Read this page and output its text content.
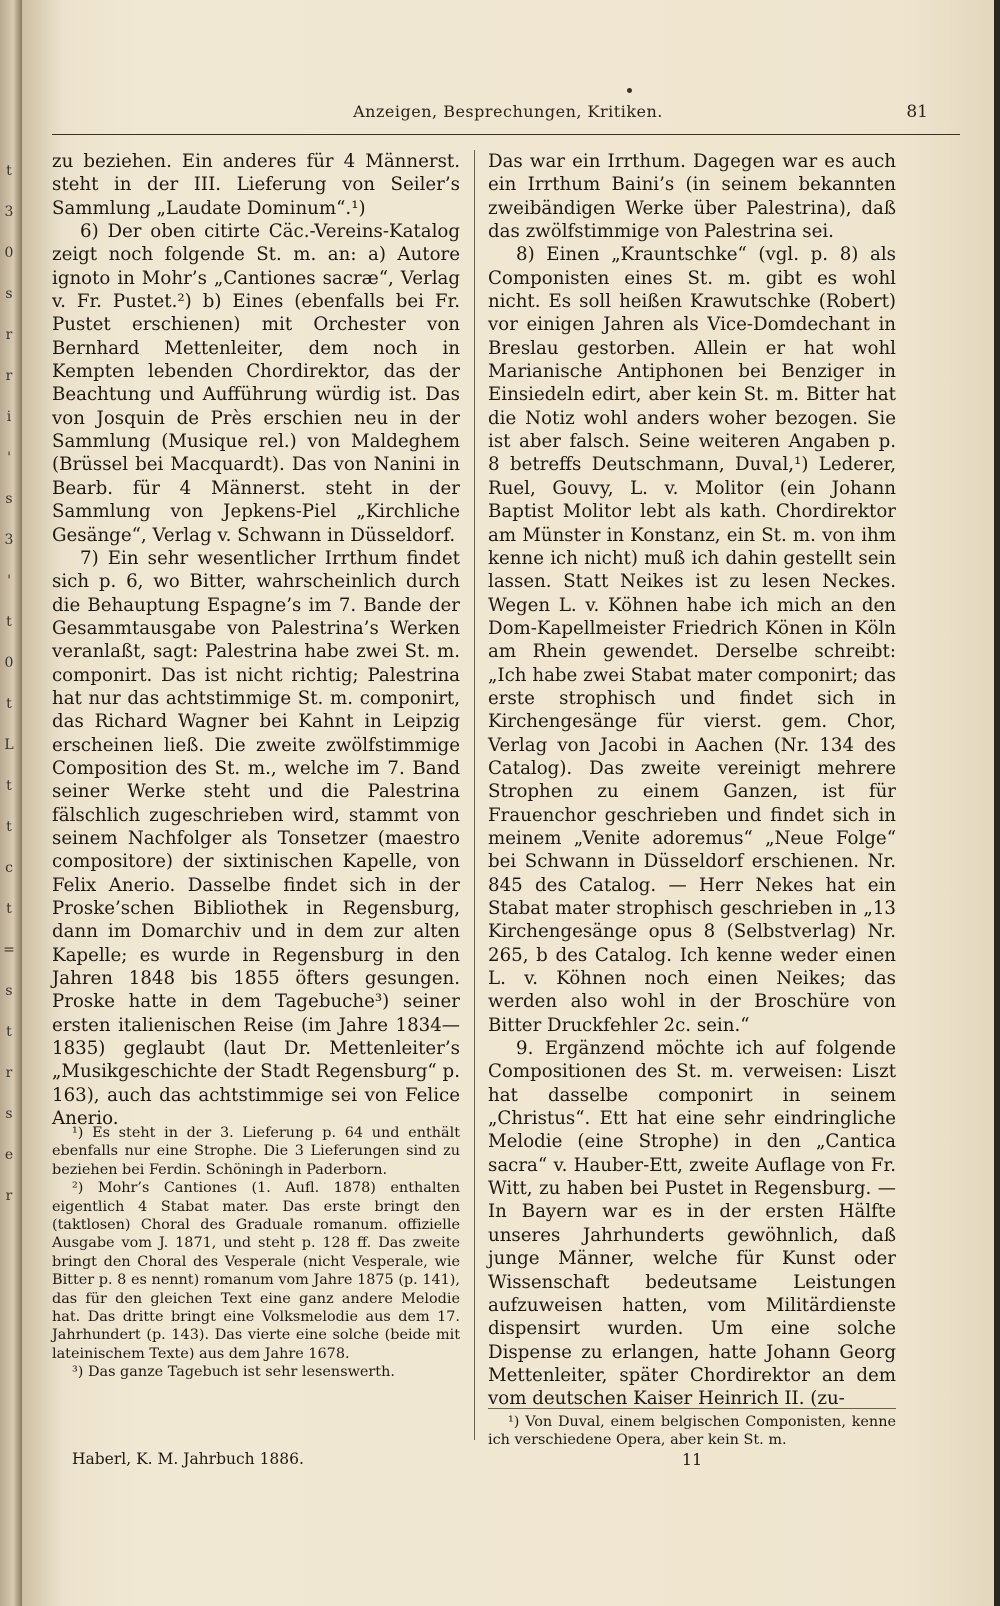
t
3
0
s
r
r
i
'
s
3
'
t
0
t
L
t
t
c
t
=
s
t
r
s
e
r
Anzeigen, Besprechungen, Kritiken.	81

zu beziehen. Ein anderes für 4 Männerst. steht in der III. Lieferung von Seiler’s Sammlung „Laudate Dominum“.¹)

6) Der oben citirte Cäc.-Vereins-Katalog zeigt noch folgende St. m. an: a) Autore ignoto in Mohr’s „Cantiones sacræ“, Verlag v. Fr. Pustet.²) b) Eines (ebenfalls bei Fr. Pustet erschienen) mit Orchester von Bernhard Mettenleiter, dem noch in Kempten lebenden Chordirektor, das der Beachtung und Aufführung würdig ist. Das von Josquin de Près erschien neu in der Sammlung (Musique rel.) von Maldeghem (Brüssel bei Macquardt). Das von Nanini in Bearb. für 4 Männerst. steht in der Sammlung von Jepkens-Piel „Kirchliche Gesänge“, Verlag v. Schwann in Düsseldorf.

7) Ein sehr wesentlicher Irrthum findet sich p. 6, wo Bitter, wahrscheinlich durch die Behauptung Espagne’s im 7. Bande der Gesammtausgabe von Palestrina’s Werken veranlaßt, sagt: Palestrina habe zwei St. m. componirt. Das ist nicht richtig; Palestrina hat nur das achtstimmige St. m. componirt, das Richard Wagner bei Kahnt in Leipzig erscheinen ließ. Die zweite zwölfstimmige Composition des St. m., welche im 7. Band seiner Werke steht und die Palestrina fälschlich zugeschrieben wird, stammt von seinem Nachfolger als Tonsetzer (maestro compositore) der sixtinischen Kapelle, von Felix Anerio. Dasselbe findet sich in der Proske’schen Bibliothek in Regensburg, dann im Domarchiv und in dem zur alten Kapelle; es wurde in Regensburg in den Jahren 1848 bis 1855 öfters gesungen. Proske hatte in dem Tagebuche³) seiner ersten italienischen Reise (im Jahre 1834—1835) geglaubt (laut Dr. Mettenleiter’s „Musikgeschichte der Stadt Regensburg“ p. 163), auch das achtstimmige sei von Felice Anerio.

Das war ein Irrthum. Dagegen war es auch ein Irrthum Baini’s (in seinem bekannten zweibändigen Werke über Palestrina), daß das zwölfstimmige von Palestrina sei.

8) Einen „Krauntschke“ (vgl. p. 8) als Componisten eines St. m. gibt es wohl nicht. Es soll heißen Krawutschke (Robert) vor einigen Jahren als Vice-Domdechant in Breslau gestorben. Allein er hat wohl Marianische Antiphonen bei Benziger in Einsiedeln edirt, aber kein St. m. Bitter hat die Notiz wohl anders woher bezogen. Sie ist aber falsch. Seine weiteren Angaben p. 8 betreffs Deutschmann, Duval,¹) Lederer, Ruel, Gouvy, L. v. Molitor (ein Johann Baptist Molitor lebt als kath. Chordirektor am Münster in Konstanz, ein St. m. von ihm kenne ich nicht) muß ich dahin gestellt sein lassen. Statt Neikes ist zu lesen Neckes. Wegen L. v. Köhnen habe ich mich an den Dom-Kapellmeister Friedrich Könen in Köln am Rhein gewendet. Derselbe schreibt: „Ich habe zwei Stabat mater componirt; das erste strophisch und findet sich in Kirchengesänge für vierst. gem. Chor, Verlag von Jacobi in Aachen (Nr. 134 des Catalog). Das zweite vereinigt mehrere Strophen zu einem Ganzen, ist für Frauenchor geschrieben und findet sich in meinem „Venite adoremus“ „Neue Folge“ bei Schwann in Düsseldorf erschienen. Nr. 845 des Catalog. — Herr Nekes hat ein Stabat mater strophisch geschrieben in „13 Kirchengesänge opus 8 (Selbstverlag) Nr. 265, b des Catalog. Ich kenne weder einen L. v. Köhnen noch einen Neikes; das werden also wohl in der Broschüre von Bitter Druckfehler 2c. sein.“

9. Ergänzend möchte ich auf folgende Compositionen des St. m. verweisen: Liszt hat dasselbe componirt in seinem „Christus“. Ett hat eine sehr eindringliche Melodie (eine Strophe) in den „Cantica sacra“ v. Hauber-Ett, zweite Auflage von Fr. Witt, zu haben bei Pustet in Regensburg. — In Bayern war es in der ersten Hälfte unseres Jahrhunderts gewöhnlich, daß junge Männer, welche für Kunst oder Wissenschaft bedeutsame Leistungen aufzuweisen hatten, vom Militärdienste dispensirt wurden. Um eine solche Dispense zu erlangen, hatte Johann Georg Mettenleiter, später Chordirektor an dem vom deutschen Kaiser Heinrich II. (zu-

¹) Es steht in der 3. Lieferung p. 64 und enthält ebenfalls nur eine Strophe. Die 3 Lieferungen sind zu beziehen bei Ferdin. Schöningh in Paderborn.

²) Mohr’s Cantiones (1. Aufl. 1878) enthalten eigentlich 4 Stabat mater. Das erste bringt den (taktlosen) Choral des Graduale romanum. offizielle Ausgabe vom J. 1871, und steht p. 128 ff. Das zweite bringt den Choral des Vesperale (nicht Vesperale, wie Bitter p. 8 es nennt) romanum vom Jahre 1875 (p. 141), das für den gleichen Text eine ganz andere Melodie hat. Das dritte bringt eine Volksmelodie aus dem 17. Jahrhundert (p. 143). Das vierte eine solche (beide mit lateinischem Texte) aus dem Jahre 1678.

³) Das ganze Tagebuch ist sehr lesenswerth.

¹) Von Duval, einem belgischen Componisten, kenne ich verschiedene Opera, aber kein St. m.

Haberl, K. M. Jahrbuch 1886.	11
